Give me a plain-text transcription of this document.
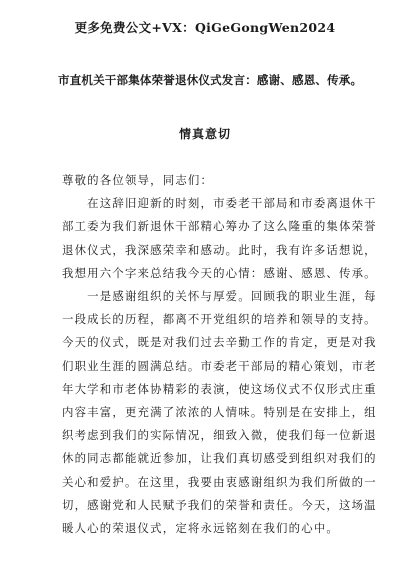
更多免费公文+VX：QiGeGongWen2024
市直机关干部集体荣誉退休仪式发言：感谢、感恩、传承。
情真意切

尊敬的各位领导，同志们：

　　在这辞旧迎新的时刻，市委老干部局和市委离退休干

部工委为我们新退休干部精心筹办了这么隆重的集体荣誉

退休仪式，我深感荣幸和感动。此时，我有许多话想说，

我想用六个字来总结我今天的心情：感谢、感恩、传承。

　　一是感谢组织的关怀与厚爱。回顾我的职业生涯，每

一段成长的历程，都离不开党组织的培养和领导的支持。

今天的仪式，既是对我们过去辛勤工作的肯定，更是对我

们职业生涯的圆满总结。市委老干部局的精心策划，市老

年大学和市老体协精彩的表演，使这场仪式不仅形式庄重

内容丰富，更充满了浓浓的人情味。特别是在安排上，组

织考虑到我们的实际情况，细致入微，使我们每一位新退

休的同志都能就近参加，让我们真切感受到组织对我们的

关心和爱护。在这里，我要由衷感谢组织为我们所做的一

切，感谢党和人民赋予我们的荣誉和责任。今天，这场温

暖人心的荣退仪式，定将永远铭刻在我们的心中。
